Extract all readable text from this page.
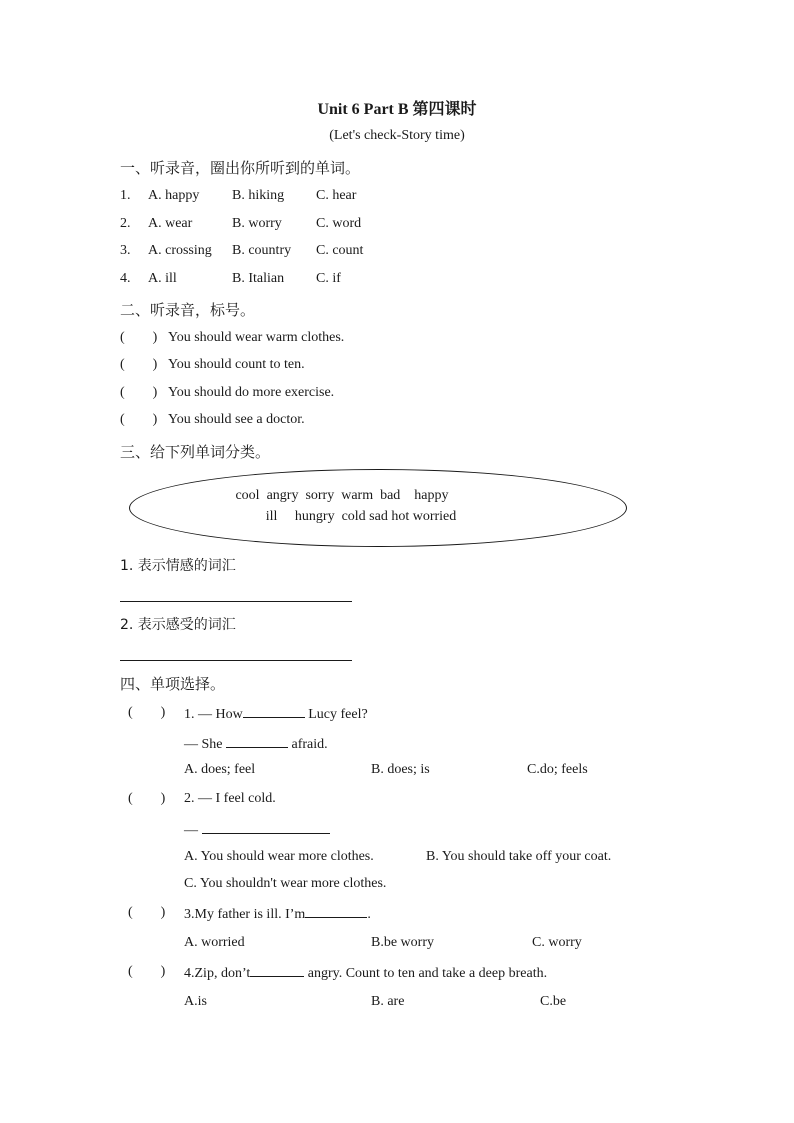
Unit 6 Part B 第四课时
(Let's check-Story time)
一、听录音，圈出你所听到的单词。
1. A. happy B. hiking C. hear
2. A. wear	B. worry C. word
3. A. crossing B. country C. count
4. A. ill	B. Italian C. if
二、听录音，标号。
(        ) You should wear warm clothes.
(        ) You should count to ten.
(        ) You should do more exercise.
(        ) You should see a doctor.
三、给下列单词分类。
cool  angry  sorry  warm  bad    happy
ill     hungry  cold sad hot worried
1. 表示情感的词汇
2. 表示感受的词汇
四、单项选择。
(        ) 1. — How	Lucy feel?
— She	afraid.
A. does; feel	B. does; is	C.do; feels
(        ) 2. — I feel cold.
—
A. You should wear more clothes.	B. You should take off your coat.
C. You shouldn't wear more clothes.
(        ) 3.My father is ill. I’m	.
A. worried	B.be worry	C. worry
(        ) 4.Zip, don’t	angry. Count to ten and take a deep breath.
A.is	B. are	C.be
